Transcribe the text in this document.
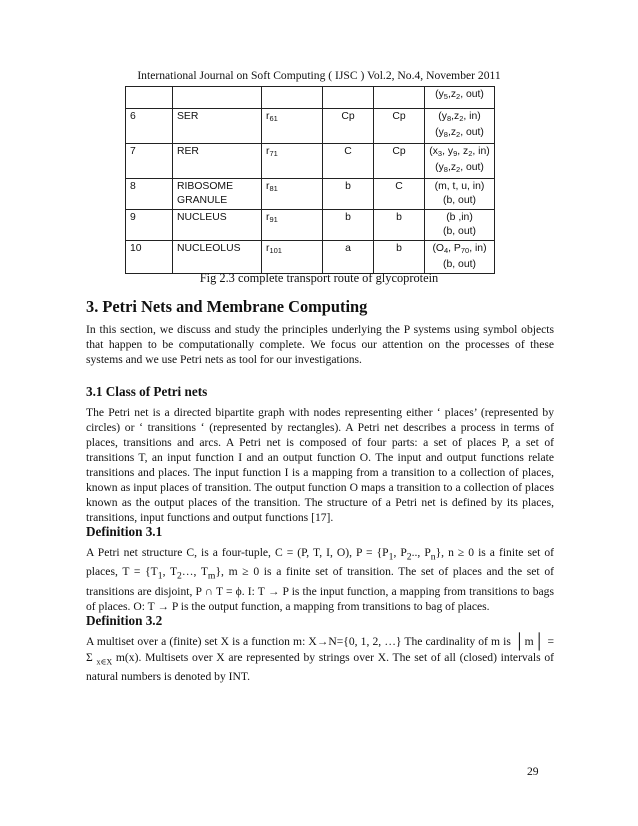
International Journal on Soft Computing ( IJSC ) Vol.2, No.4, November 2011

					($y_5,z_2$, out)

6	SER	$r_{61}$	Cp	Cp	($y_8,z_2$, in)
($y_8,z_2$, out)

7	RER	$r_{71}$	C	Cp	($x_3$, $y_9$, $z_2$, in)
($y_8,z_2$, out)

8	RIBOSOME
GRANULE	$r_{81}$	b	C	(m, t, u, in)
(b, out)

9	NUCLEUS	$r_{91}$	b	b	(b ,in)
(b, out)

10	NUCLEOLUS	$r_{101}$	a	b	($O_4$, $P_{70}$, in)
(b, out)
Fig 2.3 complete transport route of glycoprotein
3. Petri Nets and Membrane Computing

In this section, we discuss and study the principles underlying the P systems using symbol objects that happen to be computationally complete. We focus our attention on the processes of these systems and we use Petri nets as tool for our investigations.

3.1 Class of Petri nets

The Petri net is a directed bipartite graph with nodes representing either ‘ places’ (represented by circles) or ‘ transitions ‘ (represented by rectangles). A Petri net describes a process in terms of places, transitions and arcs. A Petri net is composed of four parts: a set of places P, a set of transitions T, an input function I and an output function O. The input and output functions relate transitions and places. The input function I is a mapping from a transition to a collection of places, known as input places of transition. The output function O maps a transition to a collection of places known as the output places of the transition. The structure of a Petri net is defined by its places, transitions, input functions and output functions [17].

Definition 3.1

A Petri net structure C, is a four-tuple, C = (P, T, I, O), $P = \{P_1$, $P_2$.., $P_n$}, n ≥ 0 is a finite set of places, $T = \{T_1$, $T_2\dots$, $T_m$}, m ≥ 0 is a finite set of transition. The set of places and the set of transitions are disjoint, P ∩ T = ϕ. I: T → P is the input function, a mapping from transitions to bags of places. O: T → P is the output function, a mapping from transitions to bag of places.

Definition 3.2

A multiset over a (finite) set X is a function m: X→N={0, 1, 2, …} The cardinality of m is │m│ = Σ $_{x\in X}$ m(x). Multisets over X are represented by strings over X. The set of all (closed) intervals of natural numbers is denoted by INT.

29
